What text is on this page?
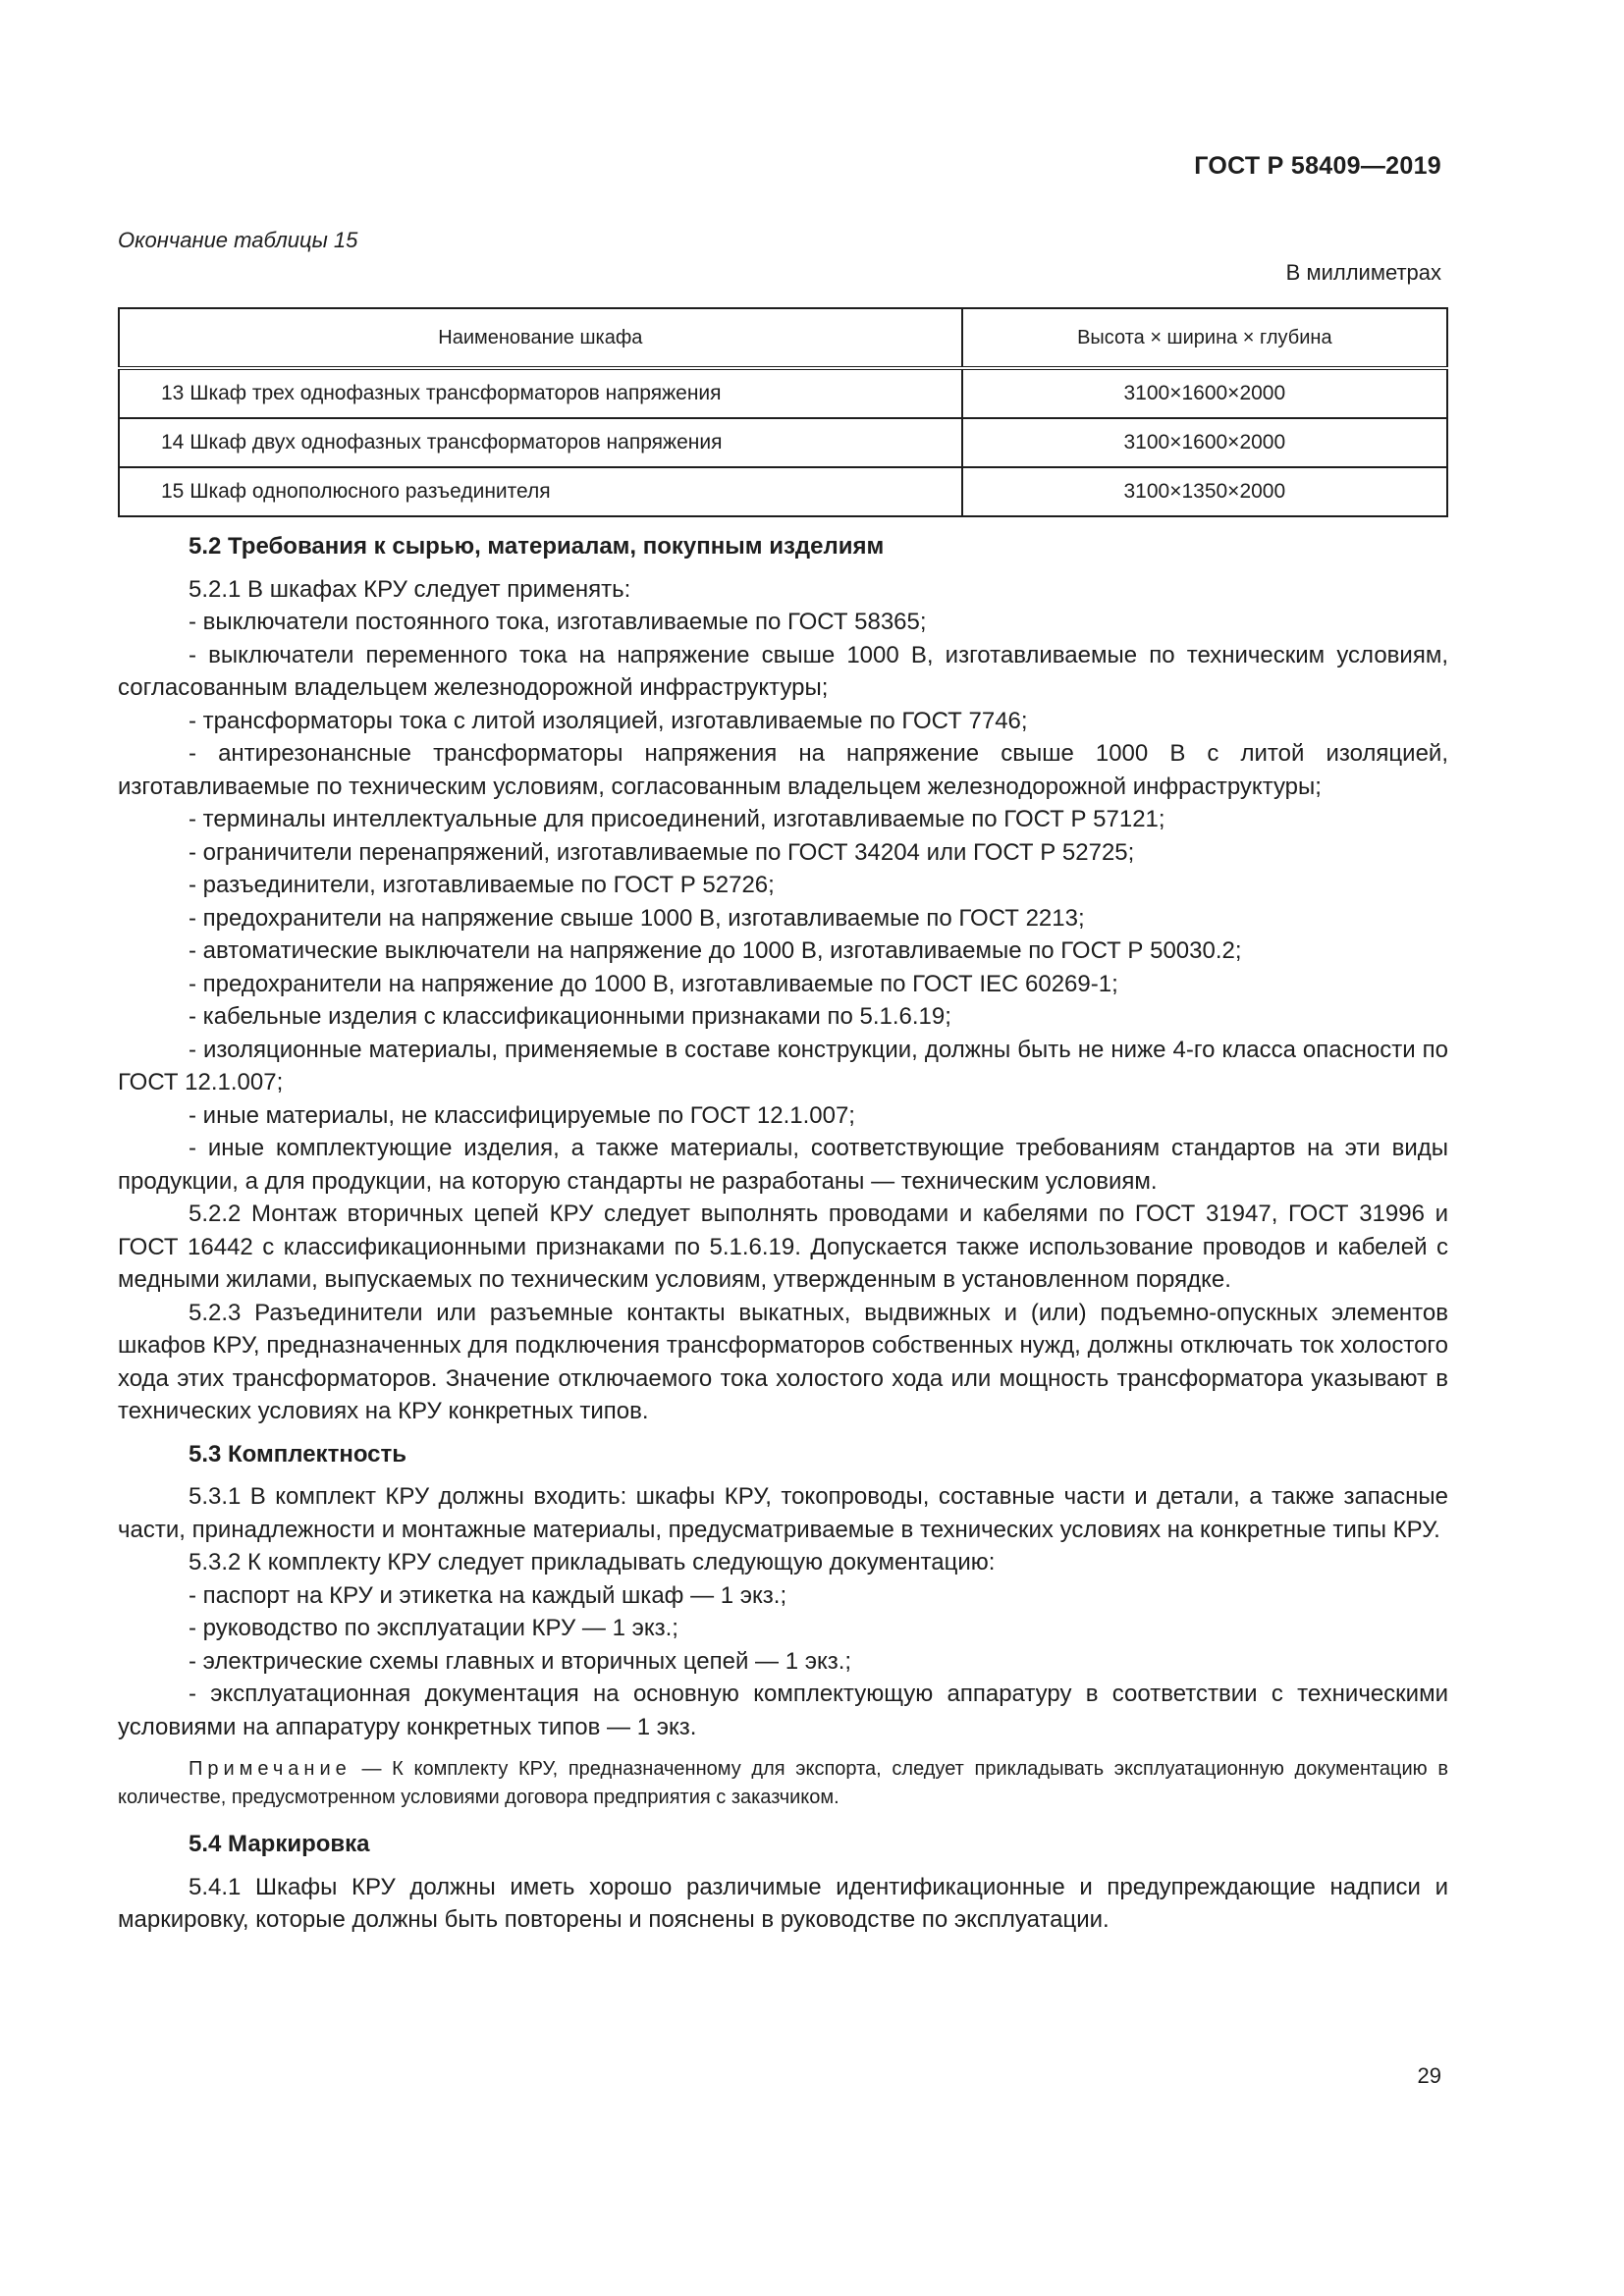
ГОСТ Р 58409—2019
Окончание таблицы 15
В миллиметрах
Наименование шкафа	Высота × ширина × глубина
13 Шкаф трех однофазных трансформаторов напряжения	3100×1600×2000
14 Шкаф двух однофазных трансформаторов напряжения	3100×1600×2000
15 Шкаф однополюсного разъединителя	3100×1350×2000

5.2 Требования к сырью, материалам, покупным изделиям

5.2.1 В шкафах КРУ следует применять:

- выключатели постоянного тока, изготавливаемые по ГОСТ 58365;

- выключатели переменного тока на напряжение свыше 1000 В, изготавливаемые по техническим условиям, согласованным владельцем железнодорожной инфраструктуры;

- трансформаторы тока с литой изоляцией, изготавливаемые по ГОСТ 7746;

- антирезонансные трансформаторы напряжения на напряжение свыше 1000 В с литой изоляцией, изготавливаемые по техническим условиям, согласованным владельцем железнодорожной инфраструктуры;

- терминалы интеллектуальные для присоединений, изготавливаемые по ГОСТ Р 57121;

- ограничители перенапряжений, изготавливаемые по ГОСТ 34204 или ГОСТ Р 52725;

- разъединители, изготавливаемые по ГОСТ Р 52726;

- предохранители на напряжение свыше 1000 В, изготавливаемые по ГОСТ 2213;

- автоматические выключатели на напряжение до 1000 В, изготавливаемые по ГОСТ Р 50030.2;

- предохранители на напряжение до 1000 В, изготавливаемые по ГОСТ IEC 60269-1;

- кабельные изделия с классификационными признаками по 5.1.6.19;

- изоляционные материалы, применяемые в составе конструкции, должны быть не ниже 4-го класса опасности по ГОСТ 12.1.007;

- иные материалы, не классифицируемые по ГОСТ 12.1.007;

- иные комплектующие изделия, а также материалы, соответствующие требованиям стандартов на эти виды продукции, а для продукции, на которую стандарты не разработаны — техническим условиям.

5.2.2 Монтаж вторичных цепей КРУ следует выполнять проводами и кабелями по ГОСТ 31947, ГОСТ 31996 и ГОСТ 16442 с классификационными признаками по 5.1.6.19. Допускается также использование проводов и кабелей с медными жилами, выпускаемых по техническим условиям, утвержденным в установленном порядке.

5.2.3 Разъединители или разъемные контакты выкатных, выдвижных и (или) подъемно-опускных элементов шкафов КРУ, предназначенных для подключения трансформаторов собственных нужд, должны отключать ток холостого хода этих трансформаторов. Значение отключаемого тока холостого хода или мощность трансформатора указывают в технических условиях на КРУ конкретных типов.

5.3 Комплектность

5.3.1 В комплект КРУ должны входить: шкафы КРУ, токопроводы, составные части и детали, а также запасные части, принадлежности и монтажные материалы, предусматриваемые в технических условиях на конкретные типы КРУ.

5.3.2 К комплекту КРУ следует прикладывать следующую документацию:

- паспорт на КРУ и этикетка на каждый шкаф — 1 экз.;

- руководство по эксплуатации КРУ — 1 экз.;

- электрические схемы главных и вторичных цепей — 1 экз.;

- эксплуатационная документация на основную комплектующую аппаратуру в соответствии с техническими условиями на аппаратуру конкретных типов — 1 экз.

Примечание — К комплекту КРУ, предназначенному для экспорта, следует прикладывать эксплуатационную документацию в количестве, предусмотренном условиями договора предприятия с заказчиком.

5.4 Маркировка

5.4.1 Шкафы КРУ должны иметь хорошо различимые идентификационные и предупреждающие надписи и маркировку, которые должны быть повторены и пояснены в руководстве по эксплуатации.

29
